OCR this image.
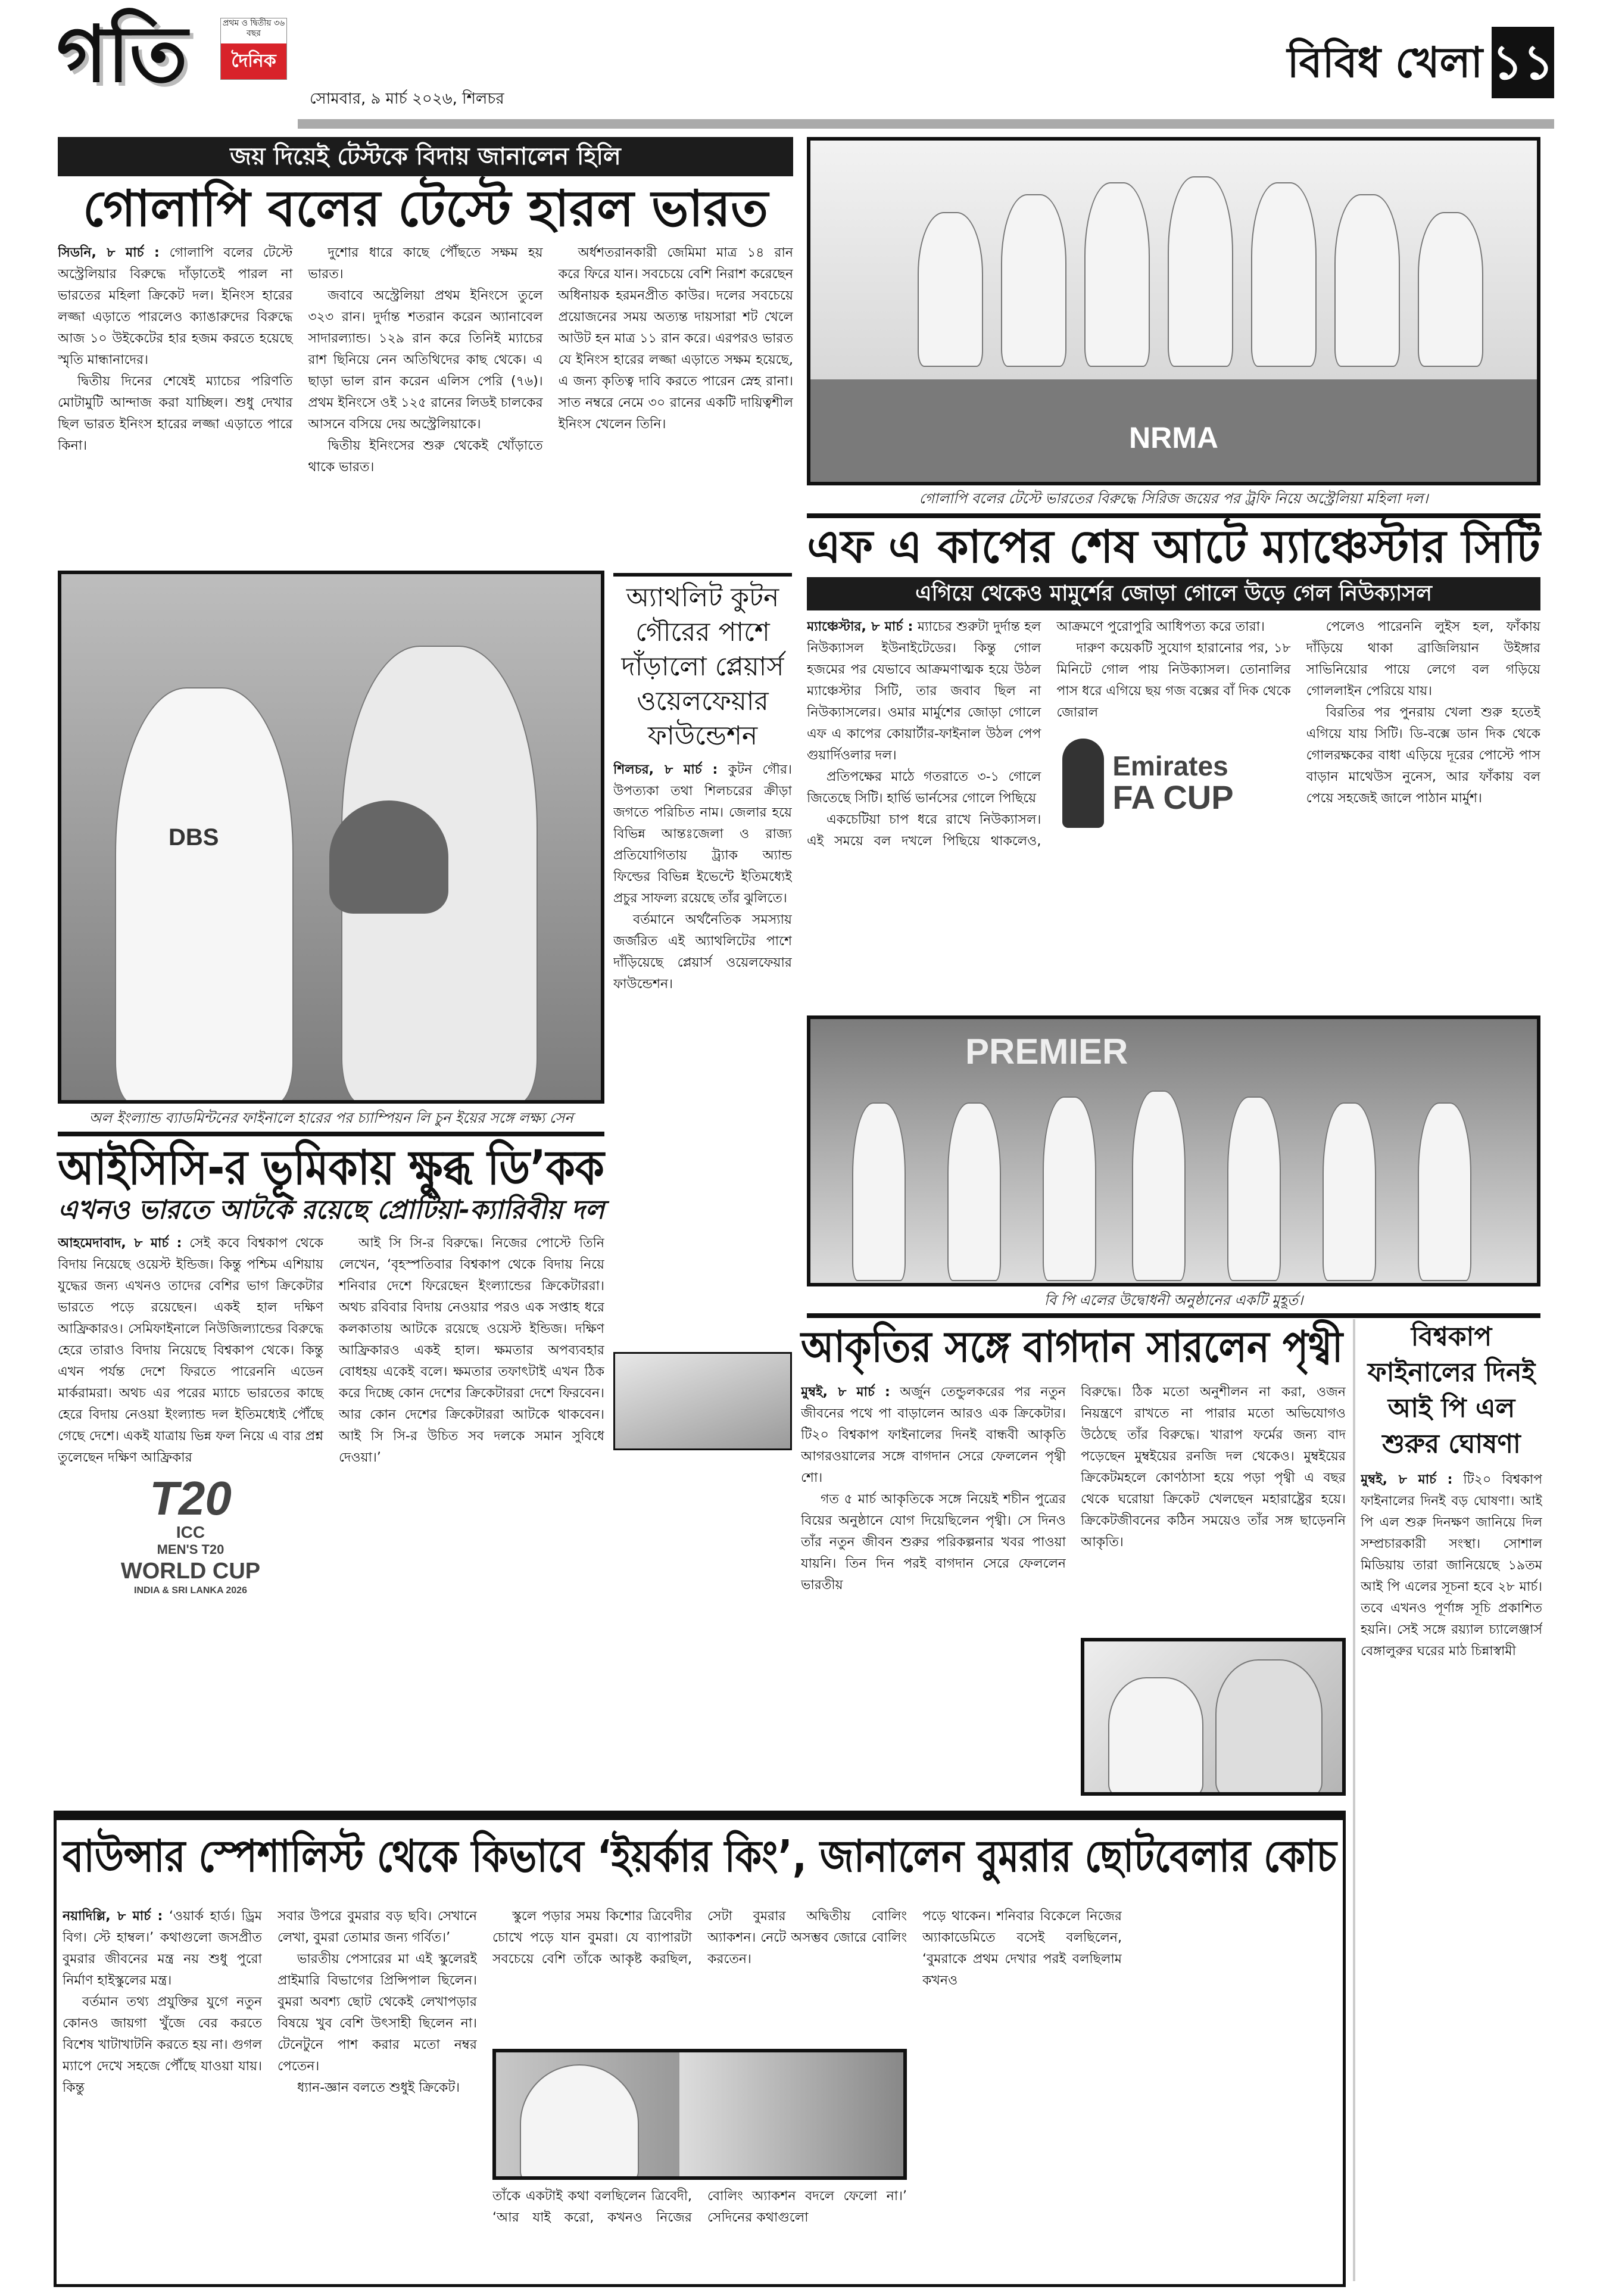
গতি	প্রথম ও দ্বিতীয় ৩৬ বছর
দৈনিক
সোমবার, ৯ মার্চ ২০২৬, শিলচর
বিবিধ খেলা ১১
জয় দিয়েই টেস্টকে বিদায় জানালেন হিলি
গোলাপি বলের টেস্টে হারল ভারত

সিডনি, ৮ মার্চ : গোলাপি বলের টেস্টে অস্ট্রেলিয়ার বিরুদ্ধে দাঁড়াতেই পারল না ভারতের মহিলা ক্রিকেট দল। ইনিংস হারের লজ্জা এড়াতে পারলেও ক্যাঙারুদের বিরুদ্ধে আজ ১০ উইকেটের হার হজম করতে হয়েছে স্মৃতি মান্ধানাদের।

দ্বিতীয় দিনের শেষেই ম্যাচের পরিণতি মোটামুটি আন্দাজ করা যাচ্ছিল। শুধু দেখার ছিল ভারত ইনিংস হারের লজ্জা এড়াতে পারে কিনা।

দুশোর ধারে কাছে পৌঁছতে সক্ষম হয় ভারত।

জবাবে অস্ট্রেলিয়া প্রথম ইনিংসে তুলে ৩২৩ রান। দুর্দান্ত শতরান করেন অ্যানাবেল সাদারল্যান্ড। ১২৯ রান করে তিনিই ম্যাচের রাশ ছিনিয়ে নেন অতিথিদের কাছ থেকে। এ ছাড়া ভাল রান করেন এলিস পেরি (৭৬)। প্রথম ইনিংসে ওই ১২৫ রানের লিডই চালকের আসনে বসিয়ে দেয় অস্ট্রেলিয়াকে।

দ্বিতীয় ইনিংসের শুরু থেকেই খোঁড়াতে থাকে ভারত।

অর্ধশতরানকারী জেমিমা মাত্র ১৪ রান করে ফিরে যান। সবচেয়ে বেশি নিরাশ করেছেন অধিনায়ক হরমনপ্রীত কাউর। দলের সবচেয়ে প্রয়োজনের সময় অত্যন্ত দায়সারা শট খেলে আউট হন মাত্র ১১ রান করে। এরপরও ভারত যে ইনিংস হারের লজ্জা এড়াতে সক্ষম হয়েছে, এ জন্য কৃতিত্ব দাবি করতে পারেন স্নেহ রানা। সাত নম্বরে নেমে ৩০ রানের একটি দায়িত্বশীল ইনিংস খেলেন তিনি।	NRMA
গোলাপি বলের টেস্টে ভারতের বিরুদ্ধে সিরিজ জয়ের পর ট্রফি নিয়ে অস্ট্রেলিয়া মহিলা দল।
এফ এ কাপের শেষ আটে ম্যাঞ্চেস্টার সিটি
এগিয়ে থেকেও মামুর্শের জোড়া গোলে উড়ে গেল নিউক্যাসল

ম্যাঞ্চেস্টার, ৮ মার্চ : ম্যাচের শুরুটা দুর্দান্ত হল নিউক্যাসল ইউনাইটেডের। কিন্তু গোল হজমের পর যেভাবে আক্রমণাত্মক হয়ে উঠল ম্যাঞ্চেস্টার সিটি, তার জবাব ছিল না নিউক্যাসলের। ওমার মার্মুশের জোড়া গোলে এফ এ কাপের কোয়ার্টার-ফাইনাল উঠল পেপ গুয়ার্দিওলার দল।

প্রতিপক্ষের মাঠে গতরাতে ৩-১ গোলে জিতেছে সিটি। হার্ভি ভার্নসের গোলে পিছিয়ে

একচেটিয়া চাপ ধরে রাখে নিউক্যাসল। এই সময়ে বল দখলে পিছিয়ে থাকলেও, আক্রমণে পুরোপুরি আধিপত্য করে তারা।

দারুণ কয়েকটি সুযোগ হারানোর পর, ১৮ মিনিটে গোল পায় নিউক্যাসল। তোনালির পাস ধরে এগিয়ে ছয় গজ বক্সের বাঁ দিক থেকে জোরাল

Emirates
FA CUP

পেলেও পারেননি লুইস হল, ফাঁকায় দাঁড়িয়ে থাকা ব্রাজিলিয়ান উইঙ্গার সাভিনিয়োর পায়ে লেগে বল গড়িয়ে গোললাইন পেরিয়ে যায়।

বিরতির পর পুনরায় খেলা শুরু হতেই এগিয়ে যায় সিটি। ডি-বক্সে ডান দিক থেকে গোলরক্ষকের বাধা এড়িয়ে দূরের পোস্টে পাস বাড়ান মাথেউস নুনেস, আর ফাঁকায় বল পেয়ে সহজেই জালে পাঠান মার্মুশ।

DBS
অল ইংল্যান্ড ব্যাডমিন্টনের ফাইনালে হারের পর চ্যাম্পিয়ন লি চুন ইয়ের সঙ্গে লক্ষ্য সেন
অ্যাথলিট কুটন গৌরের পাশে দাঁড়ালো প্লেয়ার্স ওয়েলফেয়ার ফাউন্ডেশন

শিলচর, ৮ মার্চ : কুটন গৌর। উপত্যকা তথা শিলচরের ক্রীড়া জগতে পরিচিত নাম। জেলার হয়ে বিভিন্ন আন্তঃজেলা ও রাজ্য প্রতিযোগিতায় ট্র্যাক অ্যান্ড ফিল্ডের বিভিন্ন ইভেন্টে ইতিমধ্যেই প্রচুর সাফল্য রয়েছে তাঁর ঝুলিতে।

বর্তমানে অর্থনৈতিক সমস্যায় জর্জরিত এই অ্যাথলিটের পাশে দাঁড়িয়েছে প্লেয়ার্স ওয়েলফেয়ার ফাউন্ডেশন।

আইসিসি-র ভূমিকায় ক্ষুব্ধ ডি’কক
এখনও ভারতে আটকে রয়েছে প্রোটিয়া-ক্যারিবীয় দল

আহমেদাবাদ, ৮ মার্চ : সেই কবে বিশ্বকাপ থেকে বিদায় নিয়েছে ওয়েস্ট ইন্ডিজ। কিন্তু পশ্চিম এশিয়ায় যুদ্ধের জন্য এখনও তাদের বেশির ভাগ ক্রিকেটার ভারতে পড়ে রয়েছেন। একই হাল দক্ষিণ আফ্রিকারও। সেমিফাইনালে নিউজিল্যান্ডের বিরুদ্ধে হেরে তারাও বিদায় নিয়েছে বিশ্বকাপ থেকে। কিন্তু এখন পর্যন্ত দেশে ফিরতে পারেননি এডেন মার্করামরা। অথচ এর পরের ম্যাচে ভারতের কাছে হেরে বিদায় নেওয়া ইংল্যান্ড দল ইতিমধ্যেই পৌঁছে গেছে দেশে। একই যাত্রায় ভিন্ন ফল নিয়ে এ বার প্রশ্ন তুলেছেন দক্ষিণ আফ্রিকার

T20
ICC
MEN'S T20
WORLD CUP
INDIA & SRI LANKA 2026

আই সি সি-র বিরুদ্ধে। নিজের পোস্টে তিনি লেখেন, ‘বৃহস্পতিবার বিশ্বকাপ থেকে বিদায় নিয়ে শনিবার দেশে ফিরেছেন ইংল্যান্ডের ক্রিকেটাররা। অথচ রবিবার বিদায় নেওয়ার পরও এক সপ্তাহ ধরে কলকাতায় আটকে রয়েছে ওয়েস্ট ইন্ডিজ। দক্ষিণ আফ্রিকারও একই হাল। ক্ষমতার অপব্যবহার বোধহয় একেই বলে। ক্ষমতার তফাৎটাই এখন ঠিক করে দিচ্ছে কোন দেশের ক্রিকেটাররা দেশে ফিরবেন। আর কোন দেশের ক্রিকেটাররা আটকে থাকবেন। আই সি সি-র উচিত সব দলকে সমান সুবিধে দেওয়া।’

PREMIER
বি পি এলের উদ্বোধনী অনুষ্ঠানের একটি মুহূর্ত।
আকৃতির সঙ্গে বাগদান সারলেন পৃথ্বী

মুম্বই, ৮ মার্চ : অর্জুন তেন্ডুলকরের পর নতুন জীবনের পথে পা বাড়ালেন আরও এক ক্রিকেটার। টি২০ বিশ্বকাপ ফাইনালের দিনই বান্ধবী আকৃতি আগরওয়ালের সঙ্গে বাগদান সেরে ফেললেন পৃথ্বী শো।

গত ৫ মার্চ আকৃতিকে সঙ্গে নিয়েই শচীন পুত্রের বিয়ের অনুষ্ঠানে যোগ দিয়েছিলেন পৃথ্বী। সে দিনও তাঁর নতুন জীবন শুরুর পরিকল্পনার খবর পাওয়া যায়নি। তিন দিন পরই বাগদান সেরে ফেললেন ভারতীয়

বিরুদ্ধে। ঠিক মতো অনুশীলন না করা, ওজন নিয়ন্ত্রণে রাখতে না পারার মতো অভিযোগও উঠেছে তাঁর বিরুদ্ধে। খারাপ ফর্মের জন্য বাদ পড়েছেন মুম্বইয়ের রনজি দল থেকেও। মুম্বইয়ের ক্রিকেটমহলে কোণঠাসা হয়ে পড়া পৃথ্বী এ বছর থেকে ঘরোয়া ক্রিকেট খেলছেন মহারাষ্ট্রের হয়ে। ক্রিকেটজীবনের কঠিন সময়েও তাঁর সঙ্গ ছাড়েননি আকৃতি।

বিশ্বকাপ ফাইনালের দিনই আই পি এল শুরুর ঘোষণা

মুম্বই, ৮ মার্চ : টি২০ বিশ্বকাপ ফাইনালের দিনই বড় ঘোষণা। আই পি এল শুরু দিনক্ষণ জানিয়ে দিল সম্প্রচারকারী সংস্থা। সোশাল মিডিয়ায় তারা জানিয়েছে ১৯তম আই পি এলের সূচনা হবে ২৮ মার্চ। তবে এখনও পূর্ণাঙ্গ সূচি প্রকাশিত হয়নি। সেই সঙ্গে রয়্যাল চ্যালেঞ্জার্স বেঙ্গালুরুর ঘরের মাঠ চিন্নাস্বামী

বাউন্সার স্পেশালিস্ট থেকে কিভাবে ‘ইয়র্কার কিং’, জানালেন বুমরার ছোটবেলার কোচ

নয়াদিল্লি, ৮ মার্চ : ‘ওয়ার্ক হার্ড। ড্রিম বিগ। স্টে হাম্বল।’ কথাগুলো জসপ্রীত বুমরার জীবনের মন্ত্র নয় শুধু পুরো নির্মাণ হাইস্কুলের মন্ত্র।

বর্তমান তথ্য প্রযুক্তির যুগে নতুন কোনও জায়গা খুঁজে বের করতে বিশেষ খাটাখাটনি করতে হয় না। গুগল ম্যাপে দেখে সহজে পৌঁছে যাওয়া যায়। কিন্তু

সবার উপরে বুমরার বড় ছবি। সেখানে লেখা, বুমরা তোমার জন্য গর্বিত।’

ভারতীয় পেসারের মা এই স্কুলেরই প্রাইমারি বিভাগের প্রিন্সিপাল ছিলেন। বুমরা অবশ্য ছোট থেকেই লেখাপড়ার বিষয়ে খুব বেশি উৎসাহী ছিলেন না। টেনেটুনে পাশ করার মতো নম্বর পেতেন।

ধ্যান-জ্ঞান বলতে শুধুই ক্রিকেট।

স্কুলে পড়ার সময় কিশোর ত্রিবেদীর চোখে পড়ে যান বুমরা। যে ব্যাপারটা সবচেয়ে বেশি তাঁকে আকৃষ্ট করছিল, সেটা বুমরার অদ্বিতীয় বোলিং অ্যাকশন। নেটে অসম্ভব জোরে বোলিং করতেন।

তাঁকে একটাই কথা বলছিলেন ত্রিবেদী, ‘আর যাই করো, কখনও নিজের বোলিং অ্যাকশন বদলে ফেলো না।’ সেদিনের কথাগুলো

পড়ে থাকেন। শনিবার বিকেলে নিজের অ্যাকাডেমিতে বসেই বলছিলেন, ‘বুমরাকে প্রথম দেখার পরই বলছিলাম কখনও
